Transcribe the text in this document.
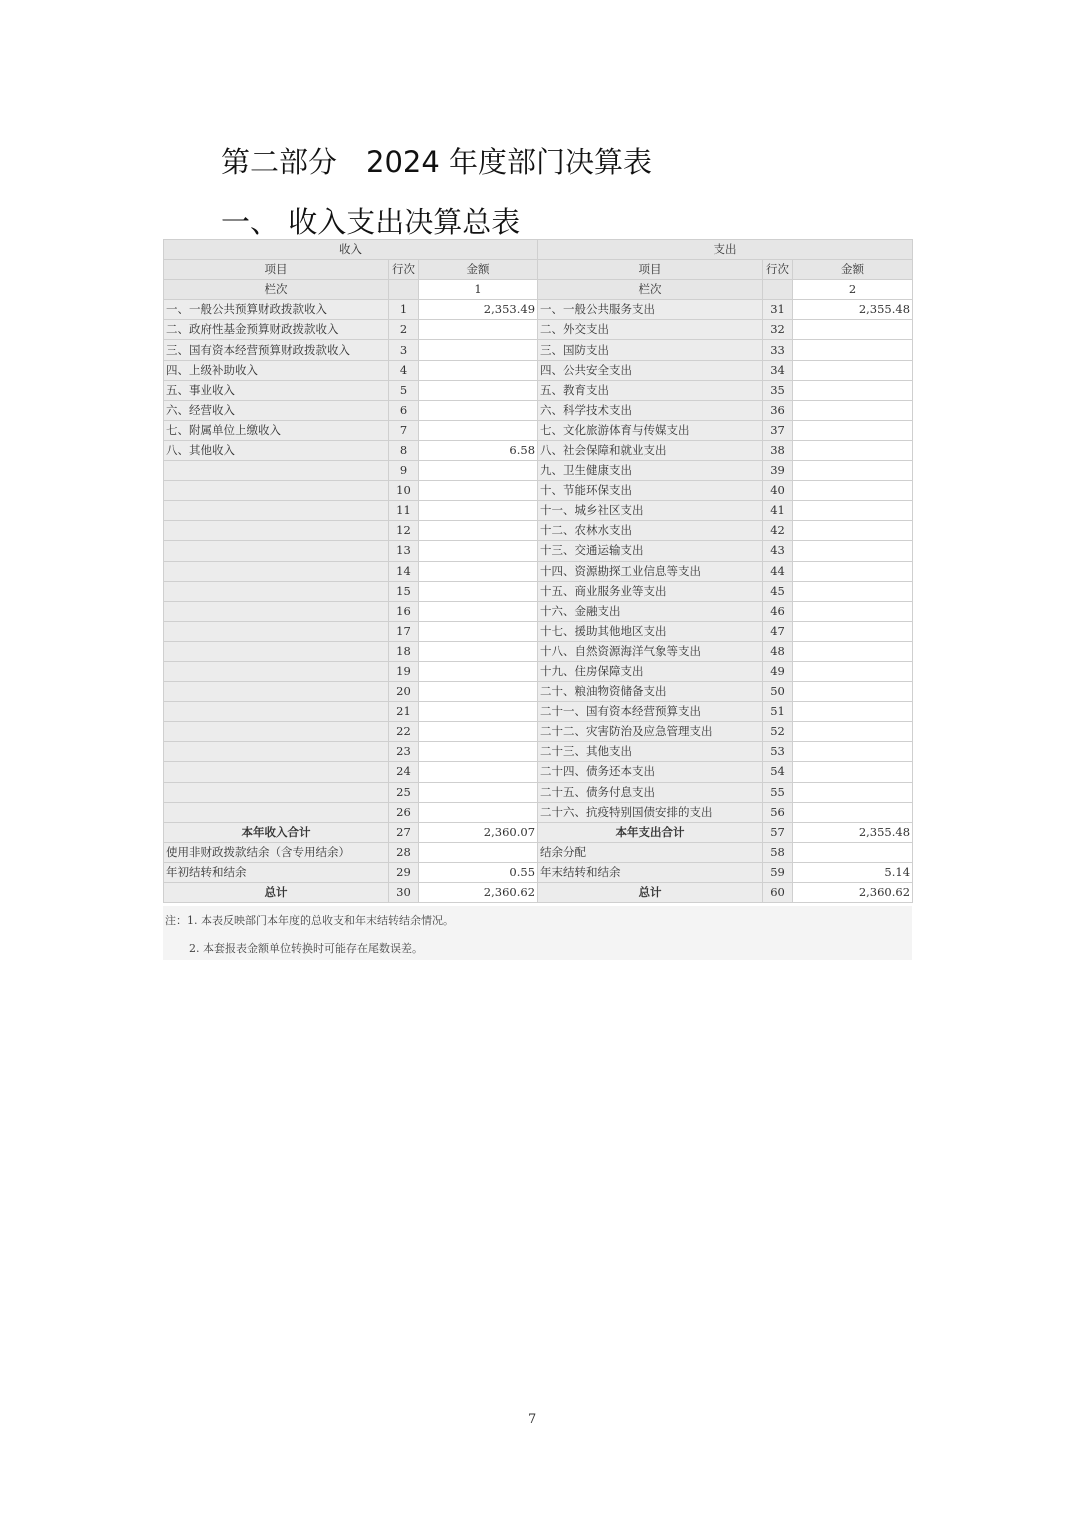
第二部分　2024 年度部门决算表
一、 收入支出决算总表
收入			支出		
项目	行次	金额	项目	行次	金额
栏次		1	栏次		2
一、一般公共预算财政拨款收入	1	2,353.49	一、一般公共服务支出	31	2,355.48
二、政府性基金预算财政拨款收入	2		二、外交支出	32	
三、国有资本经营预算财政拨款收入	3		三、国防支出	33	
四、上级补助收入	4		四、公共安全支出	34	
五、事业收入	5		五、教育支出	35	
六、经营收入	6		六、科学技术支出	36	
七、附属单位上缴收入	7		七、文化旅游体育与传媒支出	37	
八、其他收入	8	6.58	八、社会保障和就业支出	38	
	9		九、卫生健康支出	39	
	10		十、节能环保支出	40	
	11		十一、城乡社区支出	41	
	12		十二、农林水支出	42	
	13		十三、交通运输支出	43	
	14		十四、资源勘探工业信息等支出	44	
	15		十五、商业服务业等支出	45	
	16		十六、金融支出	46	
	17		十七、援助其他地区支出	47	
	18		十八、自然资源海洋气象等支出	48	
	19		十九、住房保障支出	49	
	20		二十、粮油物资储备支出	50	
	21		二十一、国有资本经营预算支出	51	
	22		二十二、灾害防治及应急管理支出	52	
	23		二十三、其他支出	53	
	24		二十四、债务还本支出	54	
	25		二十五、债务付息支出	55	
	26		二十六、抗疫特别国债安排的支出	56	
本年收入合计	27	2,360.07	本年支出合计	57	2,355.48
使用非财政拨款结余（含专用结余）	28		结余分配	58	
年初结转和结余	29	0.55	年末结转和结余	59	5.14
总计	30	2,360.62	总计	60	2,360.62
注：1. 本表反映部门本年度的总收支和年末结转结余情况。
2. 本套报表金额单位转换时可能存在尾数误差。
7
